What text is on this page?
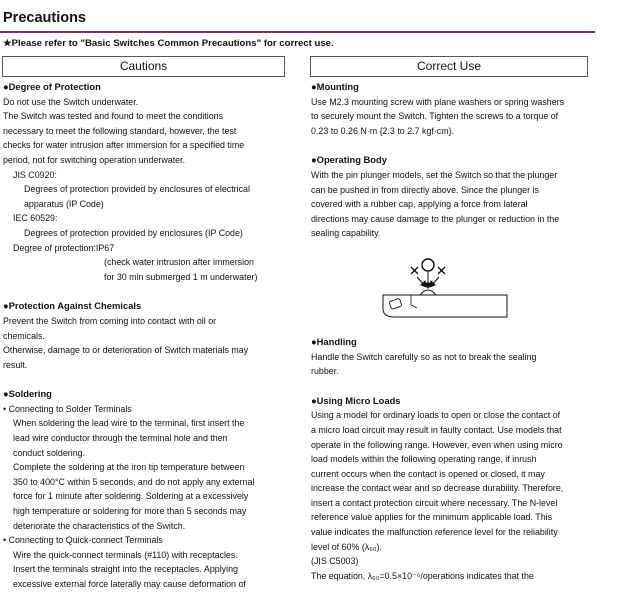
Precautions
★Please refer to "Basic Switches Common Precautions" for correct use.
Cautions	Correct Use
●Degree of Protection

Do not use the Switch underwater.

The Switch was tested and found to meet the conditions

necessary to meet the following standard, however, the test

checks for water intrusion after immersion for a specified time

period, not for switching operation underwater.

JIS C0920:

Degrees of protection provided by enclosures of electrical

apparatus (IP Code)

IEC 60529:

Degrees of protection provided by enclosures (IP Code)

Degree of protection:IP67

(check water intrusion after immersion

for 30 min submerged 1 m underwater)

●Protection Against Chemicals

Prevent the Switch from coming into contact with oil or

chemicals.

Otherwise, damage to or deterioration of Switch materials may

result.

●Soldering

• Connecting to Solder Terminals

When soldering the lead wire to the terminal, first insert the

lead wire conductor through the terminal hole and then

conduct soldering.

Complete the soldering at the iron tip temperature between

350 to 400°C within 5 seconds, and do not apply any external

force for 1 minute after soldering. Soldering at a excessively

high temperature or soldering for more than 5 seconds may

deteriorate the characteristics of the Switch.

• Connecting to Quick-connect Terminals

Wire the quick-connect terminals (#110) with receptacles.

Insert the terminals straight into the receptacles. Applying

excessive external force laterally may cause deformation of

●Mounting

Use M2.3 mounting screw with plane washers or spring washers

to securely mount the Switch. Tighten the screws to a torque of

0.23 to 0.26 N·m {2.3 to 2.7 kgf·cm}.

●Operating Body

With the pin plunger models, set the Switch so that the plunger

can be pushed in from directly above. Since the plunger is

covered with a rubber cap, applying a force from lateral

directions may cause damage to the plunger or reduction in the

sealing capability.

●Handling

Handle the Switch carefully so as not to break the sealing

rubber.

●Using Micro Loads

Using a model for ordinary loads to open or close the contact of

a micro load circuit may result in faulty contact. Use models that

operate in the following range. However, even when using micro

load models within the following operating range, if inrush

current occurs when the contact is opened or closed, it may

increase the contact wear and so decrease durability. Therefore,

insert a contact protection circuit where necessary. The N-level

reference value applies for the minimum applicable load. This

value indicates the malfunction reference level for the reliability

level of 60% (λ₆₀).

(JIS C5003)

The equation, λ₆₀=0.5×10⁻⁶/operations indicates that the
